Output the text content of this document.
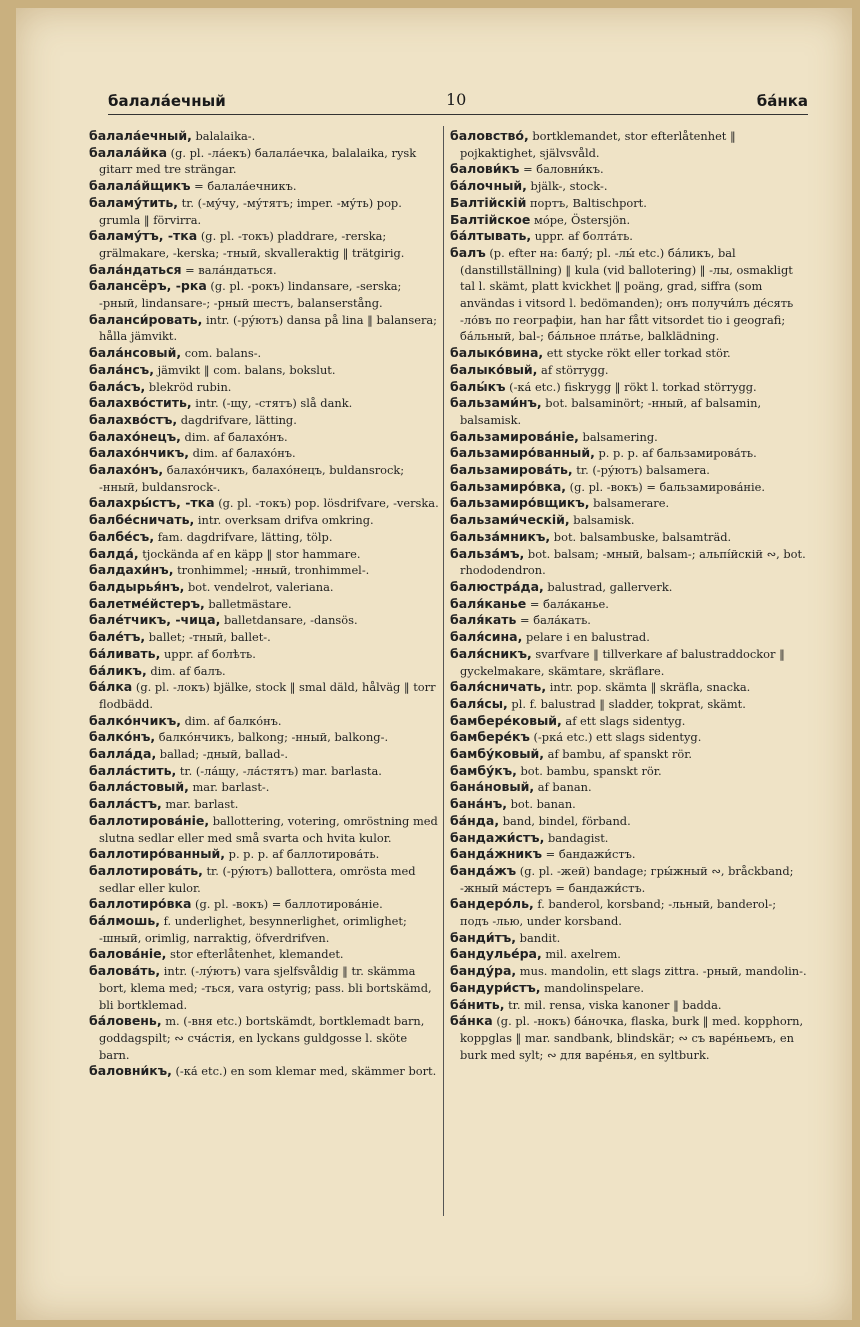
балала́ечный	10	ба́нка

балала́ечный, balalaika-.

балала́йка (g. pl. -ла́екъ) балала́ечка, balalaika, rysk gitarr med tre strängar.

балала́йщикъ = балала́ечникъ.

баламу́тить, tr. (-му́чу, -му́тятъ; imper. -му́ть) pop. grumla ‖ förvirra.

баламу́тъ, -тка (g. pl. -токъ) pladdrare, -rerska; grälmakare, -kerska; -тный, skvalleraktig ‖ trätgirig.

бала́ндаться = вала́ндаться.

балансёръ, -рка (g. pl. -рокъ) lindansare, -serska; -рный, lindansare-; -рный шестъ, balanserstång.

баланси́ровать, intr. (-ру́ютъ) dansa på lina ‖ balansera; hålla jämvikt.

бала́нсовый, com. balans-.

бала́нсъ, jämvikt ‖ com. balans, bokslut.

бала́съ, blekröd rubin.

балахво́стить, intr. (-щу, -стятъ) slå dank.

балахво́стъ, dagdrifvare, lätting.

балахо́нецъ, dim. af балахо́нъ.

балахо́нчикъ, dim. af балахо́нъ.

балахо́нъ, балахо́нчикъ, балахо́нецъ, buldansrock; -нный, buldansrock-.

балахры́стъ, -тка (g. pl. -токъ) pop. lösdrifvare, -verska.

балбе́сничать, intr. overksam drifva omkring.

балбе́съ, fam. dagdrifvare, lätting, tölp.

балда́, tjockända af en käpp ‖ stor hammare.

балдахи́нъ, tronhimmel; -нный, tronhimmel-.

балдырья́нъ, bot. vendelrot, valeriana.

балетме́йстеръ, balletmästare.

бале́тчикъ, -чица, balletdansare, -dansös.

бале́тъ, ballet; -тный, ballet-.

ба́ливать, uppr. af болѣть.

ба́ликъ, dim. af балъ.

ба́лка (g. pl. -локъ) bjälke, stock ‖ smal däld, hålväg ‖ torr flodbädd.

балко́нчикъ, dim. af балко́нъ.

балко́нъ, балко́нчикъ, balkong; -нный, balkong-.

балла́да, ballad; -дный, ballad-.

балла́стить, tr. (-ла́щу, -ла́стятъ) mar. barlasta.

балла́стовый, mar. barlast-.

балла́стъ, mar. barlast.

баллотирова́ніе, ballottering, votering, omröstning med slutna sedlar eller med små svarta och hvita kulor.

баллотиро́ванный, p. p. p. af баллотирова́ть.

баллотирова́ть, tr. (-ру́ютъ) ballottera, omrösta med sedlar eller kulor.

баллотиро́вка (g. pl. -вокъ) = баллотирова́ніе.

ба́лмошь, f. underlighet, besynnerlighet, orimlighet; -шный, orimlig, narraktig, öfverdrifven.

балова́ніе, stor efterlåtenhet, klemandet.

балова́ть, intr. (-лу́ютъ) vara sjelfsvåldig ‖ tr. skämma bort, klema med; -ться, vara ostyrig; pass. bli bortskämd, bli bortklemad.

ба́ловень, m. (-вня etc.) bortskämdt, bortklemadt barn, goddagspilt; ∾ сча́стія, en lyckans guldgosse l. sköte barn.

баловни́къ, (-ка́ etc.) en som klemar med, skämmer bort.

баловство́, bortklemandet, stor efterlåtenhet ‖ pojkaktighet, självsvåld.

балови́къ = балoвни́къ.

ба́лочный, bjälk-, stock-.

Балтійскій портъ, Baltischport.

Балтійское мо́ре, Östersjön.

ба́лтывать, uppr. af болта́ть.

балъ (p. efter на: балу́; pl. -лы́ etc.) ба́ликъ, bal (danstillställning) ‖ kula (vid ballotering) ‖ -лы, osmakligt tal l. skämt, platt kvickhet ‖ poäng, grad, siffra (som användas i vitsord l. bedömanden); онъ получи́лъ де́сять -ло́въ по географіи, han har fått vitsordet tio i geografi; ба́льный, bal-; ба́льное пла́тье, balklädning.

балыко́вина, ett stycke rökt eller torkad stör.

балыко́вый, af störrygg.

балы́къ (-ка́ etc.) fiskrygg ‖ rökt l. torkad störrygg.

бальзами́нъ, bot. balsaminört; -нный, af balsamin, balsamisk.

бальзамирова́ніе, balsamering.

бальзамиро́ванный, p. p. p. af бальзамирова́ть.

бальзамирова́ть, tr. (-ру́ютъ) balsamera.

бальзамиро́вка, (g. pl. -вокъ) = бальзамирова́ніе.

бальзамиро́вщикъ, balsamerare.

бальзами́ческій, balsamisk.

бальза́мникъ, bot. balsambuske, balsamträd.

бальза́мъ, bot. balsam; -мный, balsam-; альпі́йскій ∾, bot. rhododendron.

балюстра́да, balustrad, gallerverk.

баля́канье = бала́канье.

баля́кать = бала́кать.

баля́сина, pelare i en balustrad.

баля́сникъ, svarfvare ‖ tillverkare af balustraddockor ‖ gyckelmakare, skämtare, skräflare.

баля́сничать, intr. pop. skämta ‖ skräfla, snacka.

баля́сы, pl. f. balustrad ‖ sladder, tokprat, skämt.

бамбере́ковый, af ett slags sidentyg.

бамбере́къ (-рка́ etc.) ett slags sidentyg.

бамбу́ковый, af bambu, af spanskt rör.

бамбу́къ, bot. bambu, spanskt rör.

бана́новый, af banan.

бана́нъ, bot. banan.

ба́нда, band, bindel, förband.

бандажи́стъ, bandagist.

банда́жникъ = бандажи́стъ.

банда́жъ (g. pl. -жей) bandage; гры́жный ∾, bråckband; -жный ма́стеръ = бандажи́стъ.

бандеро́ль, f. banderol, korsband; -льный, banderol-; подъ -лью, under korsband.

банди́тъ, bandit.

бандулье́ра, mil. axelrem.

банду́ра, mus. mandolin, ett slags zittra. -рный, mandolin-.

бандури́стъ, mandolinspelare.

ба́нить, tr. mil. rensa, viska kanoner ‖ badda.

ба́нка (g. pl. -нокъ) ба́ночка, flaska, burk ‖ med. kopphorn, koppglas ‖ mar. sandbank, blindskär; ∾ съ варе́ньемъ, en burk med sylt; ∾ для варе́нья, en syltburk.
